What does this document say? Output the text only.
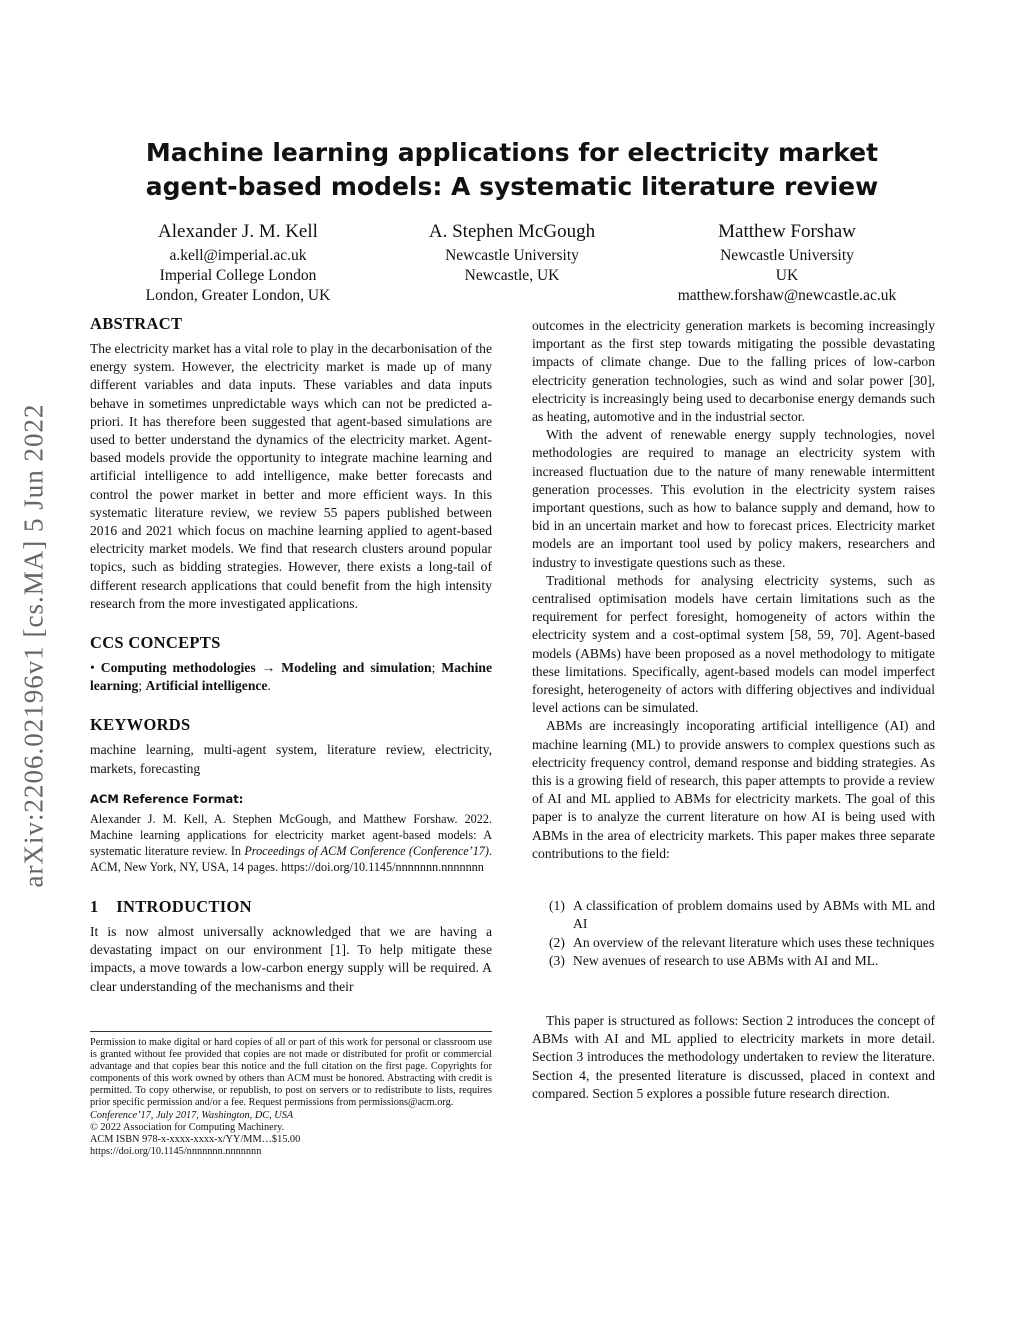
arXiv:2206.02196v1 [cs.MA] 5 Jun 2022
Machine learning applications for electricity market
agent-based models: A systematic literature review
Alexander J. M. Kell
a.kell@imperial.ac.uk
Imperial College London
London, Greater London, UK
A. Stephen McGough
Newcastle University
Newcastle, UK
Matthew Forshaw
Newcastle University
UK
matthew.forshaw@newcastle.ac.uk
ABSTRACT

The electricity market has a vital role to play in the decarbonisation of the energy system. However, the electricity market is made up of many different variables and data inputs. These variables and data inputs behave in sometimes unpredictable ways which can not be predicted a-priori. It has therefore been suggested that agent-based simulations are used to better understand the dynamics of the electricity market. Agent-based models provide the opportunity to integrate machine learning and artificial intelligence to add intelligence, make better forecasts and control the power market in better and more efficient ways. In this systematic literature review, we review 55 papers published between 2016 and 2021 which focus on machine learning applied to agent-based electricity market models. We find that research clusters around popular topics, such as bidding strategies. However, there exists a long-tail of different research applications that could benefit from the high intensity research from the more investigated applications.

CCS CONCEPTS

• Computing methodologies → Modeling and simulation; Machine learning; Artificial intelligence.

KEYWORDS

machine learning, multi-agent system, literature review, electricity, markets, forecasting

ACM Reference Format:

Alexander J. M. Kell, A. Stephen McGough, and Matthew Forshaw. 2022. Machine learning applications for electricity market agent-based models: A systematic literature review. In Proceedings of ACM Conference (Conference’17). ACM, New York, NY, USA, 14 pages. https://doi.org/10.1145/nnnnnnn.nnnnnnn

1 INTRODUCTION

It is now almost universally acknowledged that we are having a devastating impact on our environment [1]. To help mitigate these impacts, a move towards a low-carbon energy supply will be required. A clear understanding of the mechanisms and their

Permission to make digital or hard copies of all or part of this work for personal or classroom use is granted without fee provided that copies are not made or distributed for profit or commercial advantage and that copies bear this notice and the full citation on the first page. Copyrights for components of this work owned by others than ACM must be honored. Abstracting with credit is permitted. To copy otherwise, or republish, to post on servers or to redistribute to lists, requires prior specific permission and/or a fee. Request permissions from permissions@acm.org.

Conference’17, July 2017, Washington, DC, USA

© 2022 Association for Computing Machinery.

ACM ISBN 978-x-xxxx-xxxx-x/YY/MM…$15.00

https://doi.org/10.1145/nnnnnnn.nnnnnnn

outcomes in the electricity generation markets is becoming increasingly important as the first step towards mitigating the possible devastating impacts of climate change. Due to the falling prices of low-carbon electricity generation technologies, such as wind and solar power [30], electricity is increasingly being used to decarbonise energy demands such as heating, automotive and in the industrial sector.

With the advent of renewable energy supply technologies, novel methodologies are required to manage an electricity system with increased fluctuation due to the nature of many renewable intermittent generation processes. This evolution in the electricity system raises important questions, such as how to balance supply and demand, how to bid in an uncertain market and how to forecast prices. Electricity market models are an important tool used by policy makers, researchers and industry to investigate questions such as these.

Traditional methods for analysing electricity systems, such as centralised optimisation models have certain limitations such as the requirement for perfect foresight, homogeneity of actors within the electricity system and a cost-optimal system [58, 59, 70]. Agent-based models (ABMs) have been proposed as a novel methodology to mitigate these limitations. Specifically, agent-based models can model imperfect foresight, heterogeneity of actors with differing objectives and individual level actions can be simulated.

ABMs are increasingly incoporating artificial intelligence (AI) and machine learning (ML) to provide answers to complex questions such as electricity frequency control, demand response and bidding strategies. As this is a growing field of research, this paper attempts to provide a review of AI and ML applied to ABMs for electricity markets. The goal of this paper is to analyze the current literature on how AI is being used with ABMs in the area of electricity markets. This paper makes three separate contributions to the field:

(1) A classification of problem domains used by ABMs with ML and AI
(2) An overview of the relevant literature which uses these techniques
(3) New avenues of research to use ABMs with AI and ML.

This paper is structured as follows: Section 2 introduces the concept of ABMs with AI and ML applied to electricity markets in more detail. Section 3 introduces the methodology undertaken to review the literature. Section 4, the presented literature is discussed, placed in context and compared. Section 5 explores a possible future research direction.
